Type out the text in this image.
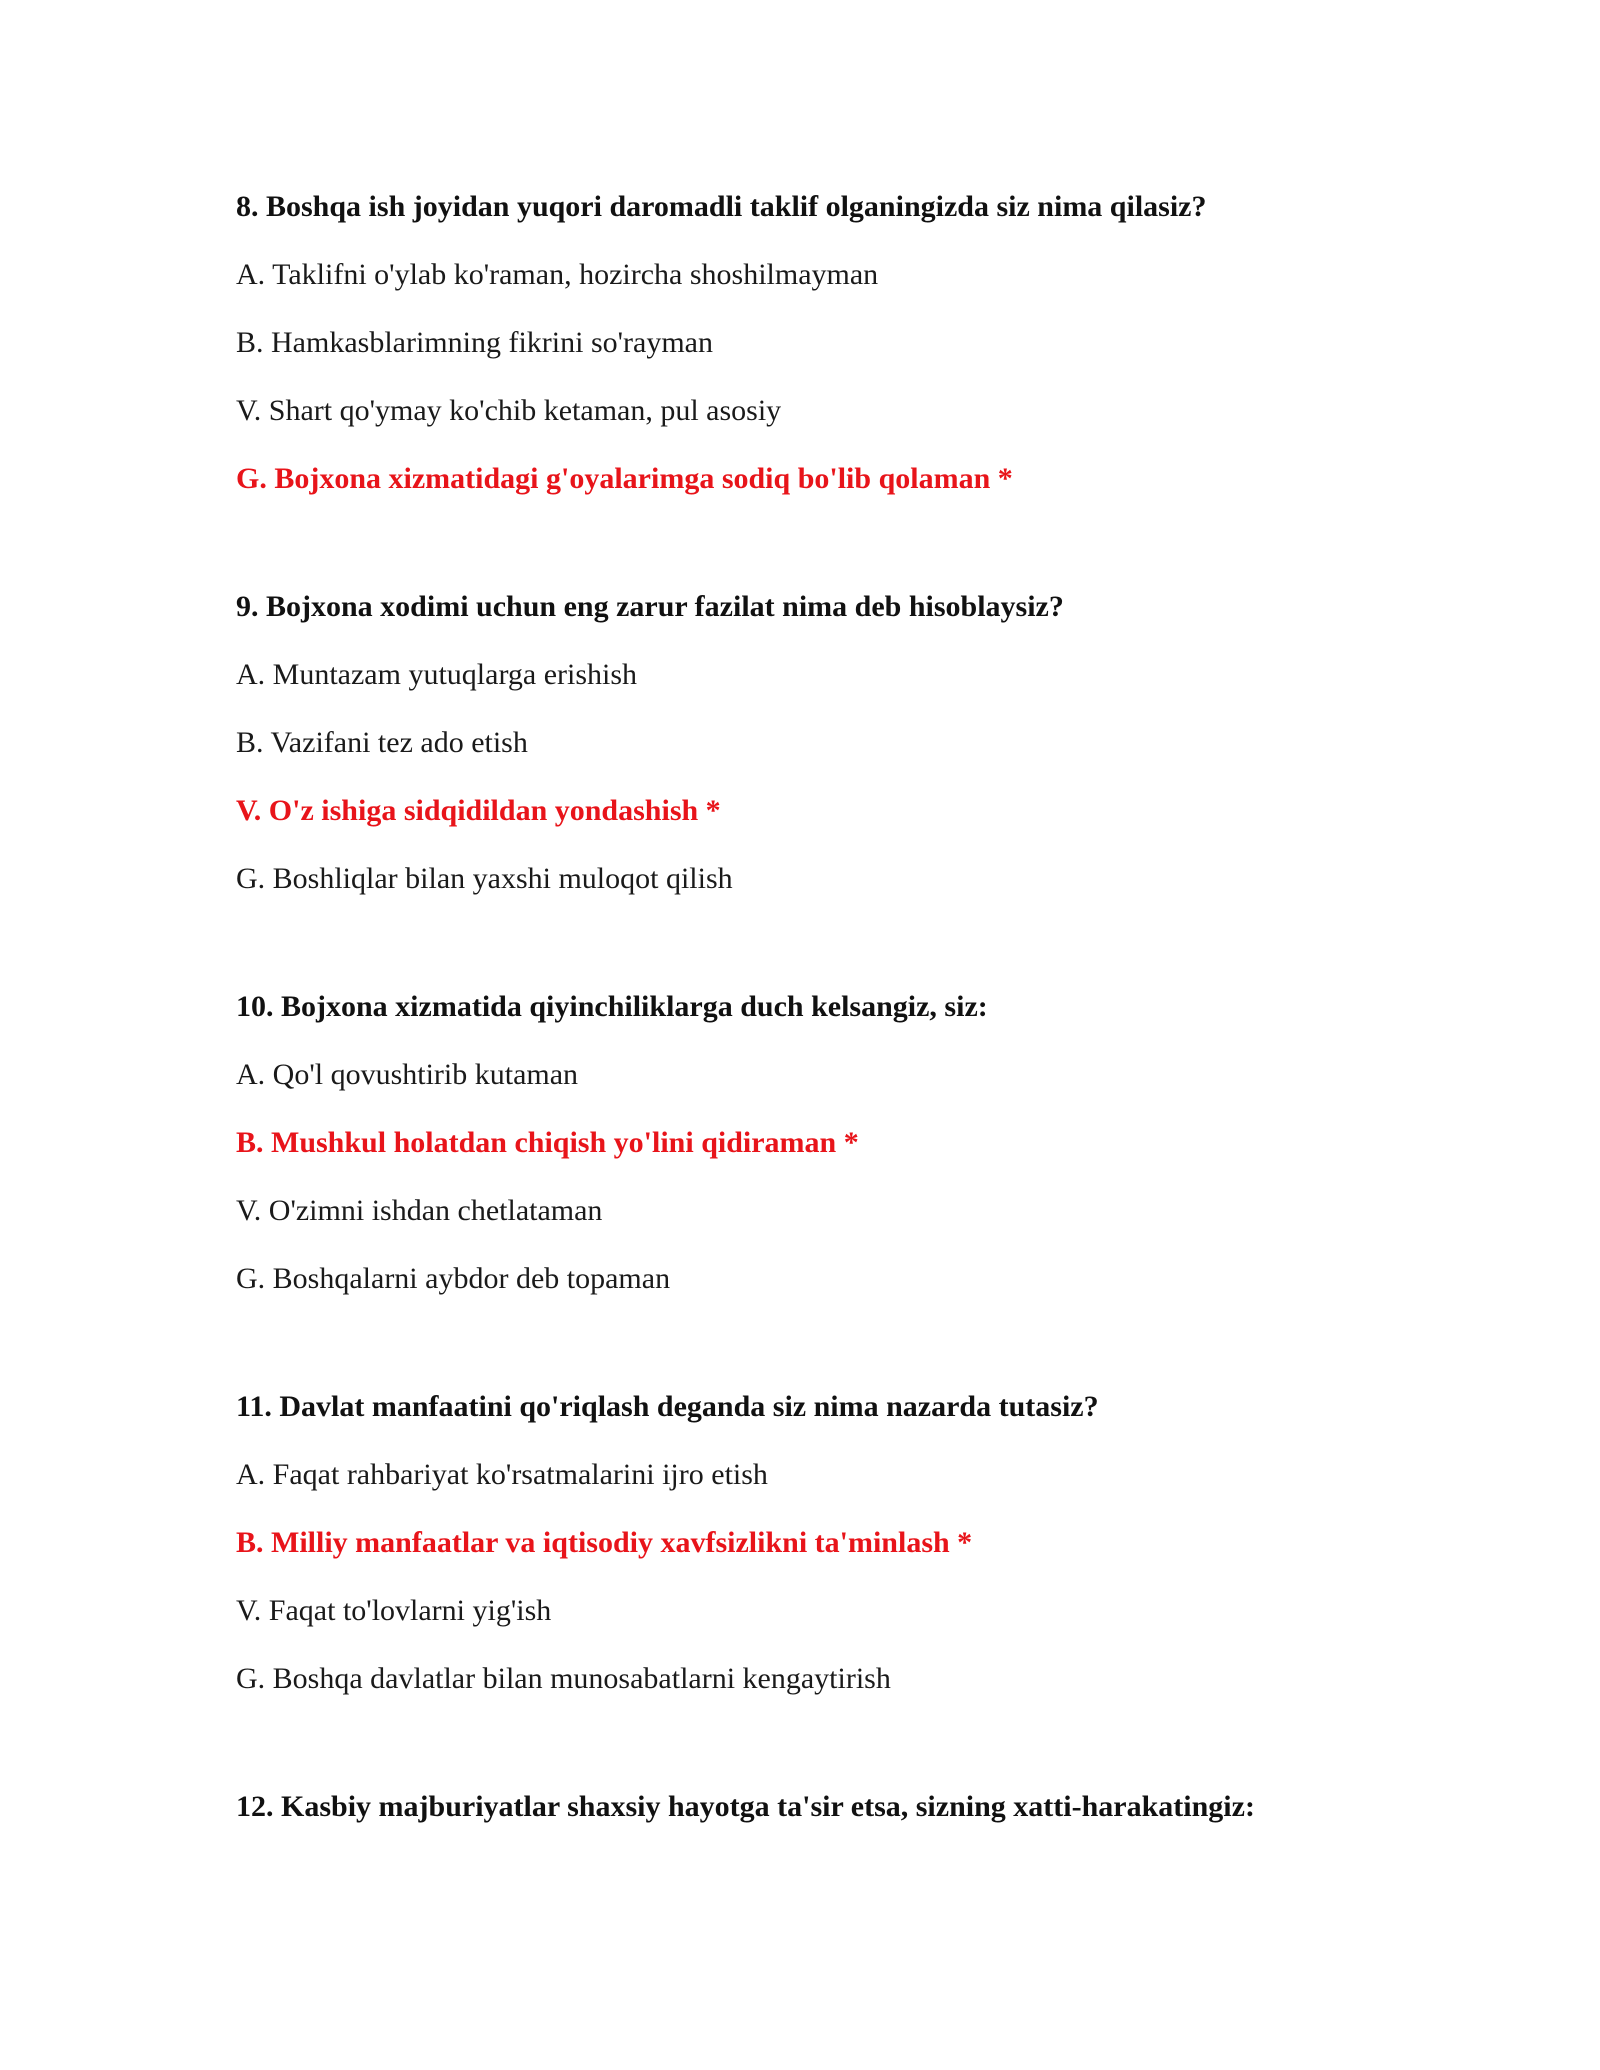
8. Boshqa ish joyidan yuqori daromadli taklif olganingizda siz nima qilasiz?

A. Taklifni o'ylab ko'raman, hozircha shoshilmayman

B. Hamkasblarimning fikrini so'rayman

V. Shart qo'ymay ko'chib ketaman, pul asosiy

G. Bojxona xizmatidagi g'oyalarimga sodiq bo'lib qolaman *

9. Bojxona xodimi uchun eng zarur fazilat nima deb hisoblaysiz?

A. Muntazam yutuqlarga erishish

B. Vazifani tez ado etish

V. O'z ishiga sidqidildan yondashish *

G. Boshliqlar bilan yaxshi muloqot qilish

10. Bojxona xizmatida qiyinchiliklarga duch kelsangiz, siz:

A. Qo'l qovushtirib kutaman

B. Mushkul holatdan chiqish yo'lini qidiraman *

V. O'zimni ishdan chetlataman

G. Boshqalarni aybdor deb topaman

11. Davlat manfaatini qo'riqlash deganda siz nima nazarda tutasiz?

A. Faqat rahbariyat ko'rsatmalarini ijro etish

B. Milliy manfaatlar va iqtisodiy xavfsizlikni ta'minlash *

V. Faqat to'lovlarni yig'ish

G. Boshqa davlatlar bilan munosabatlarni kengaytirish

12. Kasbiy majburiyatlar shaxsiy hayotga ta'sir etsa, sizning xatti-harakatingiz:
